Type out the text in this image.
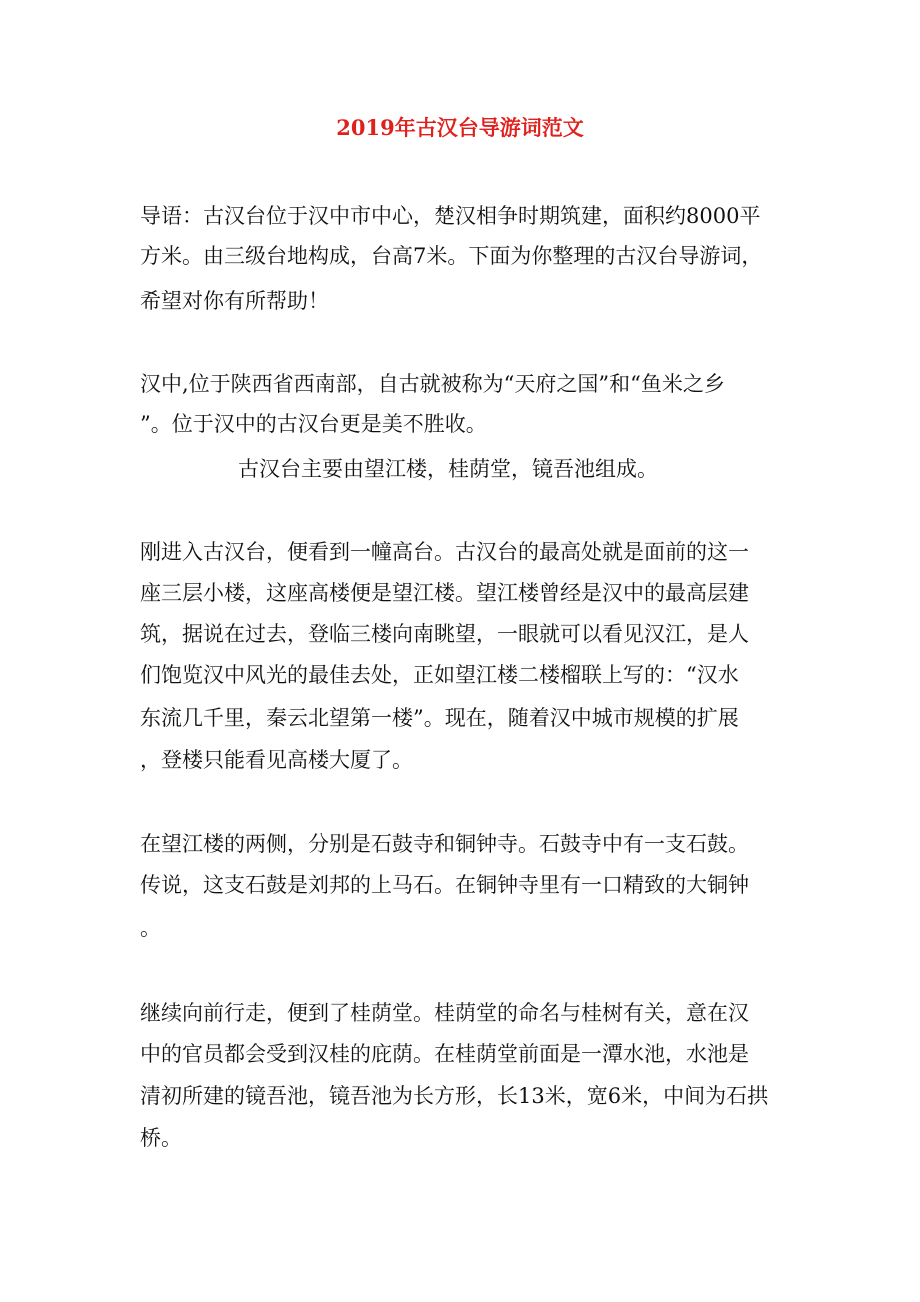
2019年古汉台导游词范文
导语：古汉台位于汉中市中心，楚汉相争时期筑建，面积约8000平
方米。由三级台地构成，台高7米。下面为你整理的古汉台导游词，
希望对你有所帮助！
汉中,位于陕西省西南部，自古就被称为“天府之国”和“鱼米之乡
”。位于汉中的古汉台更是美不胜收。
古汉台主要由望江楼，桂荫堂，镜吾池组成。
刚进入古汉台，便看到一幢高台。古汉台的最高处就是面前的这一
座三层小楼，这座高楼便是望江楼。望江楼曾经是汉中的最高层建
筑，据说在过去，登临三楼向南眺望，一眼就可以看见汉江，是人
们饱览汉中风光的最佳去处，正如望江楼二楼榴联上写的：“汉水
东流几千里，秦云北望第一楼”。现在，随着汉中城市规模的扩展
，登楼只能看见高楼大厦了。
在望江楼的两侧，分别是石鼓寺和铜钟寺。石鼓寺中有一支石鼓。
传说，这支石鼓是刘邦的上马石。在铜钟寺里有一口精致的大铜钟
。
继续向前行走，便到了桂荫堂。桂荫堂的命名与桂树有关，意在汉
中的官员都会受到汉桂的庇荫。在桂荫堂前面是一潭水池，水池是
清初所建的镜吾池，镜吾池为长方形，长13米，宽6米，中间为石拱
桥。
